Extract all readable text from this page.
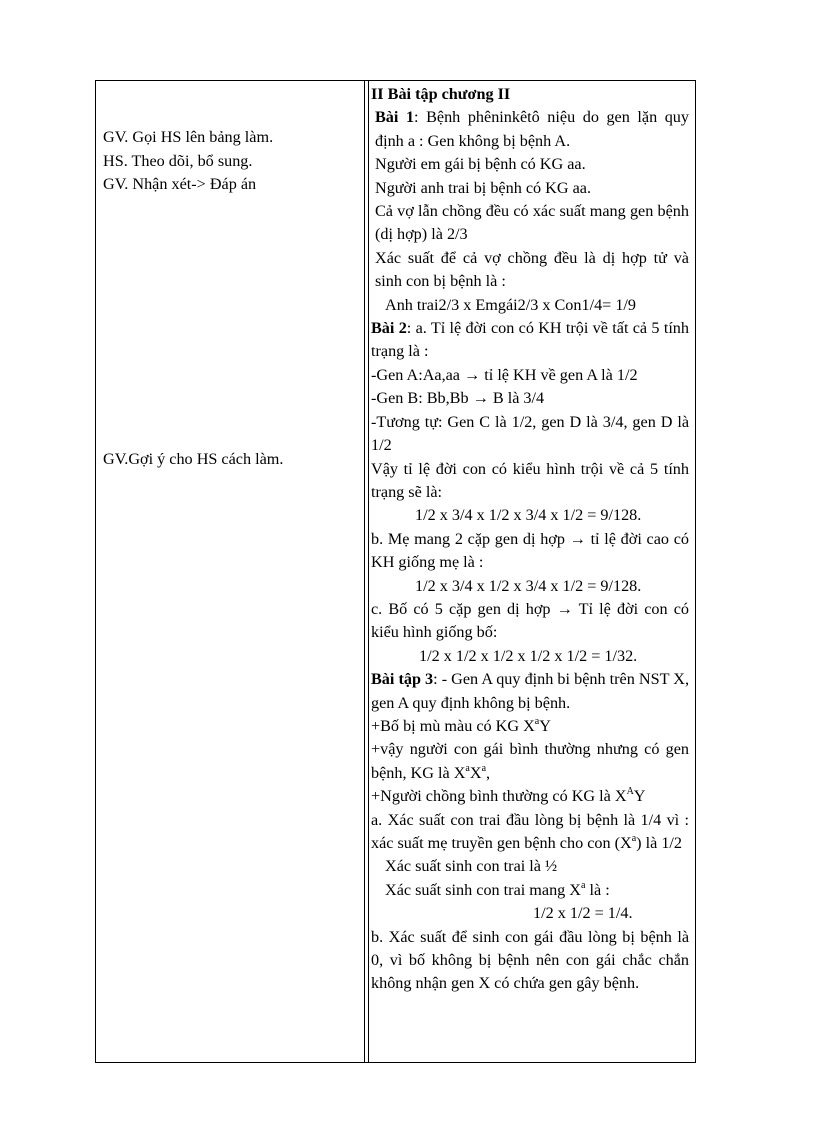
GV. Gọi HS lên bảng làm.
HS. Theo dõi, bổ sung.
GV. Nhận xét-> Đáp án
GV.Gợi ý cho HS cách làm.

II Bài tập chương II

Bài 1: Bệnh phêninkêtô niệu do gen lặn quy định a : Gen không bị bệnh A.

Người em gái bị bệnh có KG aa.

Người anh trai bị bệnh có KG aa.

Cả vợ lẫn chồng đều có xác suất mang gen bệnh (dị hợp) là 2/3

Xác suất để cả vợ chồng đều là dị hợp tử và sinh con bị bệnh là :

Anh trai2/3 x Emgái2/3 x Con1/4= 1/9

Bài 2: a. Tỉ lệ đời con có KH trội về tất cả 5 tính trạng là :

-Gen A:Aa,aa → tỉ lệ KH về gen A là 1/2

-Gen B: Bb,Bb → B là 3/4

-Tương tự: Gen C là 1/2, gen D là 3/4, gen D là 1/2

Vậy tỉ lệ đời con có kiểu hình trội về cả 5 tính trạng sẽ là:

1/2 x 3/4 x 1/2 x 3/4 x 1/2 = 9/128.

b. Mẹ mang 2 cặp gen dị hợp → tỉ lệ đời cao có KH giống mẹ là :

1/2 x 3/4 x 1/2 x 3/4 x 1/2 = 9/128.

c. Bố có 5 cặp gen dị hợp → Tỉ lệ đời con có kiểu hình giống bố:

1/2 x 1/2 x 1/2 x 1/2 x 1/2 = 1/32.

Bài tập 3: - Gen A quy định bi bệnh trên NST X, gen A quy định không bị bệnh.

+Bố bị mù màu có KG $X^aY$

+vậy người con gái bình thường nhưng có gen bệnh, KG là $X^aX^a$,

+Người chồng bình thường có KG là $X^AY$

a. Xác suất con trai đầu lòng bị bệnh là 1/4 vì : xác suất mẹ truyền gen bệnh cho con $(X^a)$ là 1/2

Xác suất sinh con trai là ½

Xác suất sinh con trai mang $X^a$ là :

1/2 x 1/2 = 1/4.

b. Xác suất để sinh con gái đầu lòng bị bệnh là 0, vì bố không bị bệnh nên con gái chắc chắn không nhận gen X có chứa gen gây bệnh.
